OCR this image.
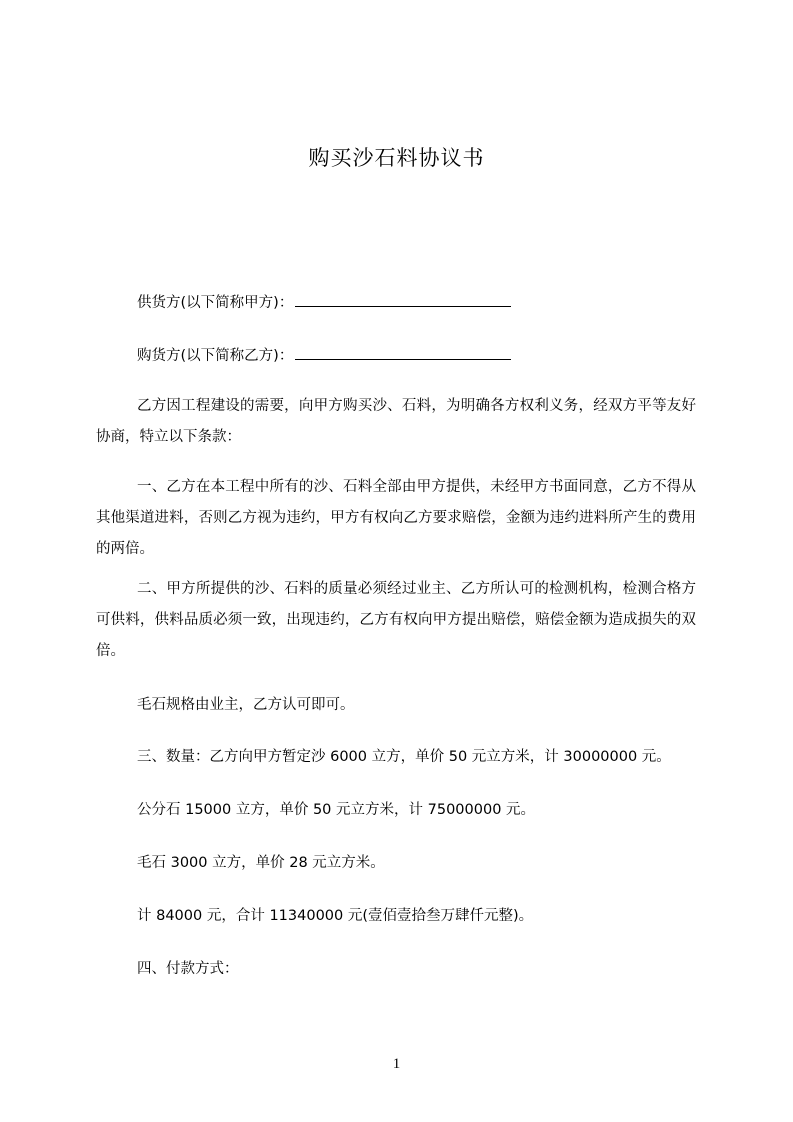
购买沙石料协议书
供货方(以下简称甲方)：
购货方(以下简称乙方)：
乙方因工程建设的需要，向甲方购买沙、石料，为明确各方权利义务，经双方平等友好协商，特立以下条款：
一、乙方在本工程中所有的沙、石料全部由甲方提供，未经甲方书面同意，乙方不得从其他渠道进料，否则乙方视为违约，甲方有权向乙方要求赔偿，金额为违约进料所产生的费用的两倍。
二、甲方所提供的沙、石料的质量必须经过业主、乙方所认可的检测机构，检测合格方可供料，供料品质必须一致，出现违约，乙方有权向甲方提出赔偿，赔偿金额为造成损失的双倍。
毛石规格由业主，乙方认可即可。
三、数量：乙方向甲方暂定沙 6000 立方，单价 50 元立方米，计 30000000 元。
公分石 15000 立方，单价 50 元立方米，计 75000000 元。
毛石 3000 立方，单价 28 元立方米。
计 84000 元，合计 11340000 元(壹佰壹拾叁万肆仟元整)。
四、付款方式：
1
